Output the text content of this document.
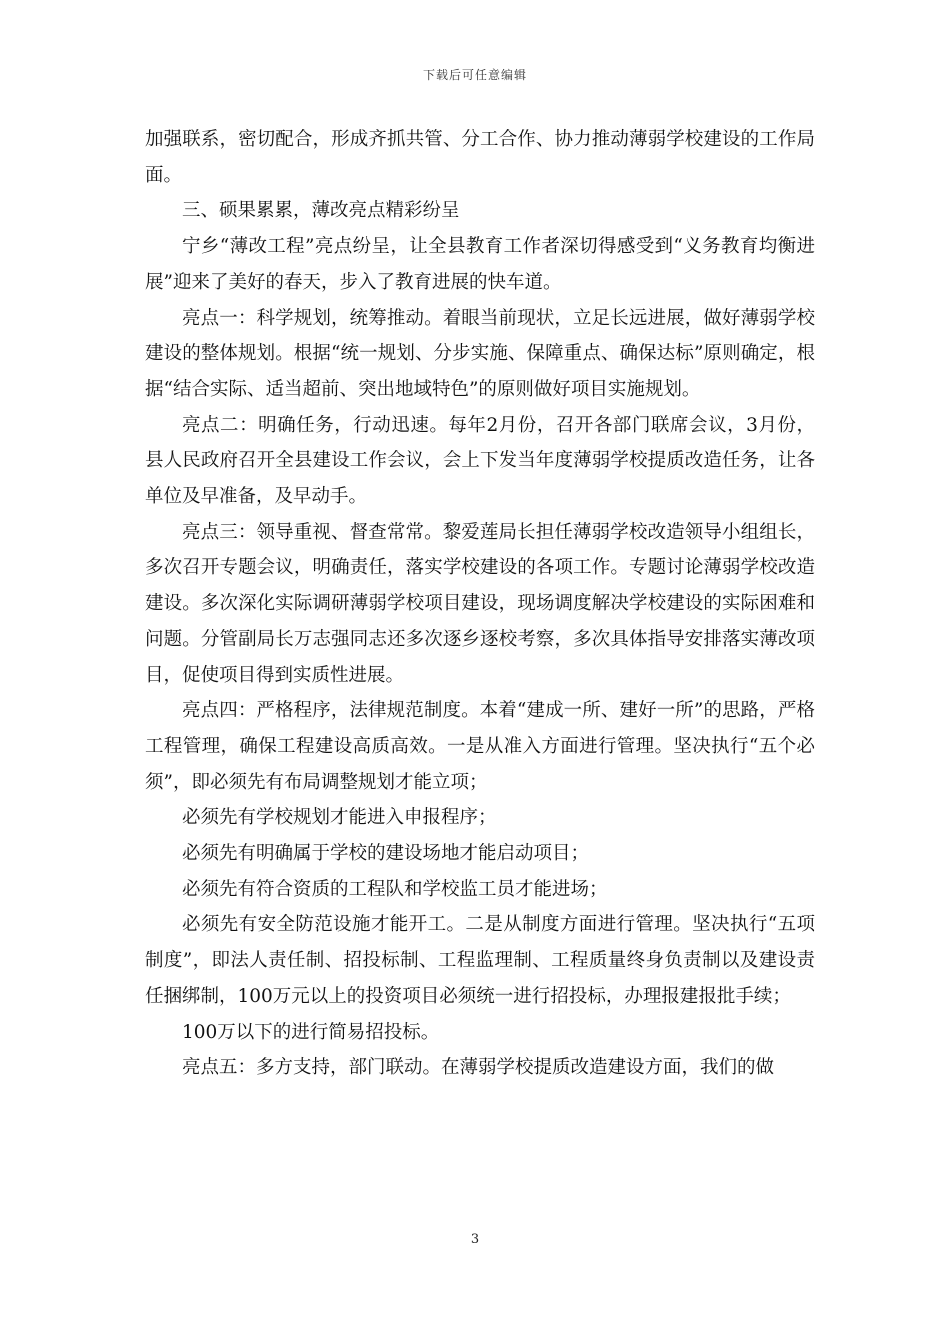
下载后可任意编辑

加强联系，密切配合，形成齐抓共管、分工合作、协力推动薄弱学校建设的工作局面。

三、硕果累累，薄改亮点精彩纷呈

宁乡“薄改工程”亮点纷呈，让全县教育工作者深切得感受到“义务教育均衡进展”迎来了美好的春天，步入了教育进展的快车道。

亮点一：科学规划，统筹推动。着眼当前现状，立足长远进展，做好薄弱学校建设的整体规划。根据“统一规划、分步实施、保障重点、确保达标”原则确定，根据“结合实际、适当超前、突出地域特色”的原则做好项目实施规划。

亮点二：明确任务，行动迅速。每年2月份，召开各部门联席会议，3月份，县人民政府召开全县建设工作会议，会上下发当年度薄弱学校提质改造任务，让各单位及早准备，及早动手。

亮点三：领导重视、督查常常。黎爱莲局长担任薄弱学校改造领导小组组长，多次召开专题会议，明确责任，落实学校建设的各项工作。专题讨论薄弱学校改造建设。多次深化实际调研薄弱学校项目建设，现场调度解决学校建设的实际困难和问题。分管副局长万志强同志还多次逐乡逐校考察，多次具体指导安排落实薄改项目，促使项目得到实质性进展。

亮点四：严格程序，法律规范制度。本着“建成一所、建好一所”的思路，严格工程管理，确保工程建设高质高效。一是从准入方面进行管理。坚决执行“五个必须”，即必须先有布局调整规划才能立项；

必须先有学校规划才能进入申报程序；

必须先有明确属于学校的建设场地才能启动项目；

必须先有符合资质的工程队和学校监工员才能进场；

必须先有安全防范设施才能开工。二是从制度方面进行管理。坚决执行“五项制度”，即法人责任制、招投标制、工程监理制、工程质量终身负责制以及建设责任捆绑制，100万元以上的投资项目必须统一进行招投标，办理报建报批手续；

100万以下的进行简易招投标。

亮点五：多方支持，部门联动。在薄弱学校提质改造建设方面，我们的做

3
